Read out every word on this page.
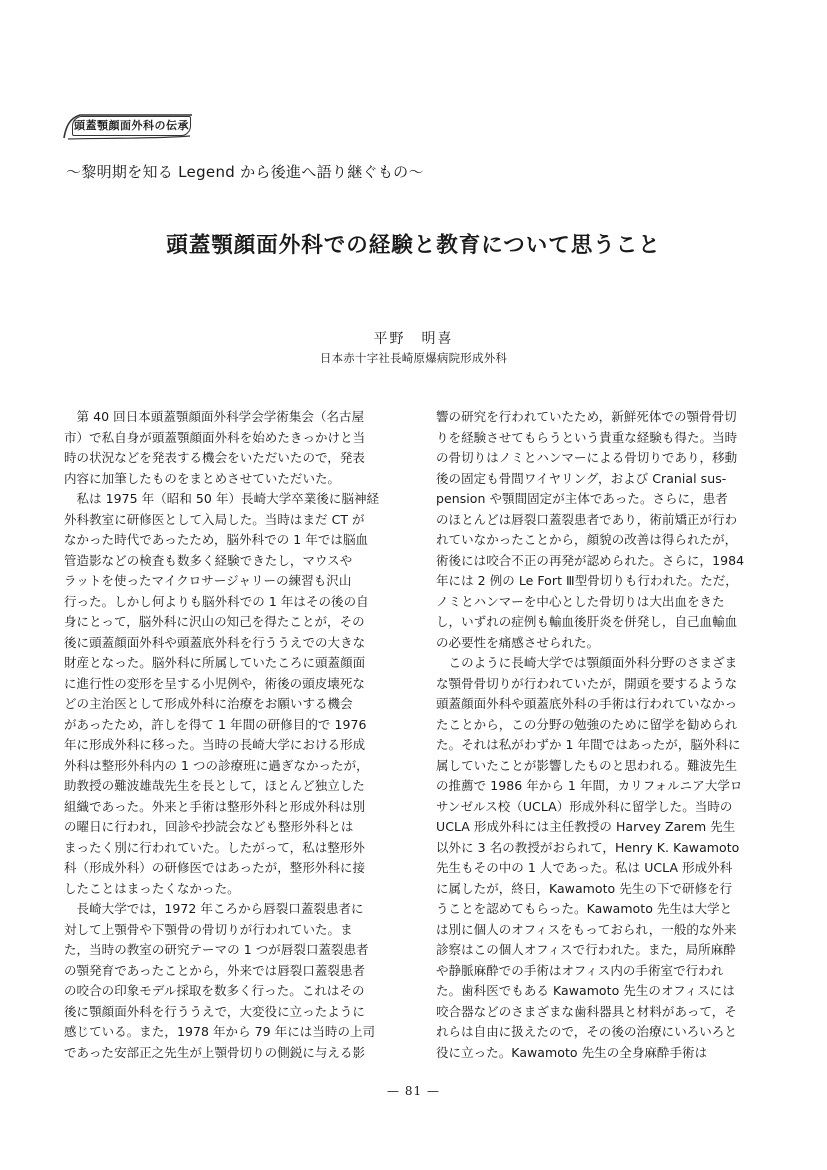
頭蓋顎顔面外科の伝承
〜黎明期を知る Legend から後進へ語り継ぐもの〜
頭蓋顎顔面外科での経験と教育について思うこと
平野　明喜
日本赤十字社長崎原爆病院形成外科
　第 40 回日本頭蓋顎顔面外科学会学術集会（名古屋
市）で私自身が頭蓋顎顔面外科を始めたきっかけと当
時の状況などを発表する機会をいただいたので，発表
内容に加筆したものをまとめさせていただいた。
　私は 1975 年（昭和 50 年）長崎大学卒業後に脳神経
外科教室に研修医として入局した。当時はまだ CT が
なかった時代であったため，脳外科での 1 年では脳血
管造影などの検査も数多く経験できたし，マウスや
ラットを使ったマイクロサージャリーの練習も沢山
行った。しかし何よりも脳外科での 1 年はその後の自
身にとって，脳外科に沢山の知己を得たことが，その
後に頭蓋顔面外科や頭蓋底外科を行ううえでの大きな
財産となった。脳外科に所属していたころに頭蓋顔面
に進行性の変形を呈する小児例や，術後の頭皮壊死な
どの主治医として形成外科に治療をお願いする機会
があったため，許しを得て 1 年間の研修目的で 1976
年に形成外科に移った。当時の長崎大学における形成
外科は整形外科内の 1 つの診療班に過ぎなかったが，
助教授の難波雄哉先生を長として，ほとんど独立した
組織であった。外来と手術は整形外科と形成外科は別
の曜日に行われ，回診や抄読会なども整形外科とは
まったく別に行われていた。したがって，私は整形外
科（形成外科）の研修医ではあったが，整形外科に接
したことはまったくなかった。
　長崎大学では，1972 年ころから唇裂口蓋裂患者に
対して上顎骨や下顎骨の骨切りが行われていた。ま
た，当時の教室の研究テーマの 1 つが唇裂口蓋裂患者
の顎発育であったことから，外来では唇裂口蓋裂患者
の咬合の印象モデル採取を数多く行った。これはその
後に顎顔面外科を行ううえで，大変役に立ったように
感じている。また，1978 年から 79 年には当時の上司
であった安部正之先生が上顎骨切りの側鋭に与える影
響の研究を行われていたため，新鮮死体での顎骨骨切
りを経験させてもらうという貴重な経験も得た。当時
の骨切りはノミとハンマーによる骨切りであり，移動
後の固定も骨間ワイヤリング，および Cranial sus-
pension や顎間固定が主体であった。さらに，患者
のほとんどは唇裂口蓋裂患者であり，術前矯正が行わ
れていなかったことから，顔貌の改善は得られたが，
術後には咬合不正の再発が認められた。さらに，1984
年には 2 例の Le Fort Ⅲ型骨切りも行われた。ただ，
ノミとハンマーを中心とした骨切りは大出血をきた
し，いずれの症例も輸血後肝炎を併発し，自己血輸血
の必要性を痛感させられた。
　このように長崎大学では顎顔面外科分野のさまざま
な顎骨骨切りが行われていたが，開頭を要するような
頭蓋顔面外科や頭蓋底外科の手術は行われていなかっ
たことから，この分野の勉強のために留学を勧められ
た。それは私がわずか 1 年間ではあったが，脳外科に
属していたことが影響したものと思われる。難波先生
の推薦で 1986 年から 1 年間，カリフォルニア大学ロ
サンゼルス校（UCLA）形成外科に留学した。当時の
UCLA 形成外科には主任教授の Harvey Zarem 先生
以外に 3 名の教授がおられて，Henry K. Kawamoto
先生もその中の 1 人であった。私は UCLA 形成外科
に属したが，終日，Kawamoto 先生の下で研修を行
うことを認めてもらった。Kawamoto 先生は大学と
は別に個人のオフィスをもっておられ，一般的な外来
診察はこの個人オフィスで行われた。また，局所麻酔
や静脈麻酔での手術はオフィス内の手術室で行われ
た。歯科医でもある Kawamoto 先生のオフィスには
咬合器などのさまざまな歯科器具と材料があって，そ
れらは自由に扱えたので，その後の治療にいろいろと
役に立った。Kawamoto 先生の全身麻酔手術は
— 81 —
